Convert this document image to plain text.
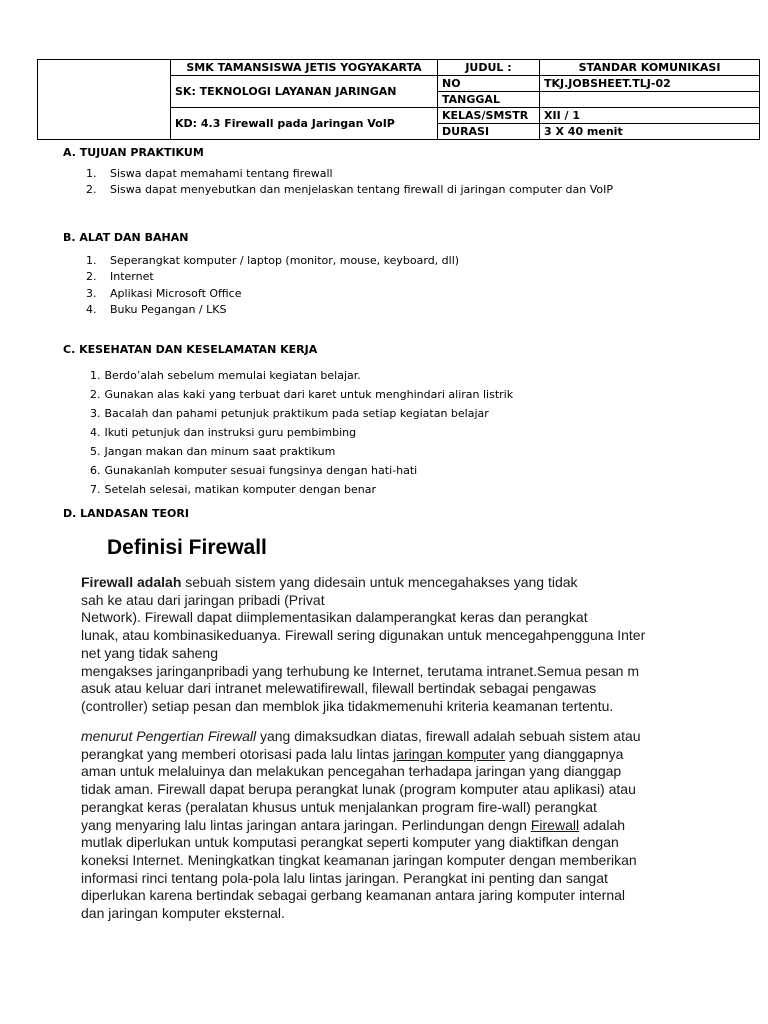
	SMK TAMANSISWA JETIS YOGYAKARTA	JUDUL :	STANDAR KOMUNIKASI
	SK: TEKNOLOGI LAYANAN JARINGAN	NO	TKJ.JOBSHEET.TLJ-02
		TANGGAL	
	KD: 4.3 Firewall pada Jaringan VoIP	KELAS/SMSTR	XII / 1
		DURASI	3 X 40 menit
A. TUJUAN PRAKTIKUM
1.	Siswa dapat memahami tentang firewall
2.	Siswa dapat menyebutkan dan menjelaskan tentang firewall di jaringan computer dan VoIP
B. ALAT DAN BAHAN
1.	Seperangkat komputer / laptop (monitor, mouse, keyboard, dll)
2.	Internet
3.	Aplikasi Microsoft Office
4.	Buku Pegangan / LKS
C. KESEHATAN DAN KESELAMATAN KERJA
1. Berdo’alah sebelum memulai kegiatan belajar.
2. Gunakan alas kaki yang terbuat dari karet untuk menghindari aliran listrik
3. Bacalah dan pahami petunjuk praktikum pada setiap kegiatan belajar
4. Ikuti petunjuk dan instruksi guru pembimbing
5. Jangan makan dan minum saat praktikum
6. Gunakanlah komputer sesuai fungsinya dengan hati-hati
7. Setelah selesai, matikan komputer dengan benar
D. LANDASAN TEORI
Definisi Firewall

Firewall adalah sebuah sistem yang didesain untuk mencegahakses yang tidak
sah ke atau dari jaringan pribadi (Privat
Network). Firewall dapat diimplementasikan dalamperangkat keras dan perangkat
lunak, atau kombinasikeduanya. Firewall sering digunakan untuk mencegahpengguna Inter
net yang tidak saheng
mengakses jaringanpribadi yang terhubung ke Internet, terutama intranet.Semua pesan m
asuk atau keluar dari intranet melewatifirewall, filewall bertindak sebagai pengawas
(controller) setiap pesan dan memblok jika tidakmemenuhi kriteria keamanan tertentu.

menurut Pengertian Firewall yang dimaksudkan diatas, firewall adalah sebuah sistem atau
perangkat yang memberi otorisasi pada lalu lintas jaringan komputer yang dianggapnya
aman untuk melaluinya dan melakukan pencegahan terhadapa jaringan yang dianggap
tidak aman. Firewall dapat berupa perangkat lunak (program komputer atau aplikasi) atau
perangkat keras (peralatan khusus untuk menjalankan program fire-wall) perangkat
yang menyaring lalu lintas jaringan antara jaringan. Perlindungan dengn Firewall adalah
mutlak diperlukan untuk komputasi perangkat seperti komputer yang diaktifkan dengan
koneksi Internet. Meningkatkan tingkat keamanan jaringan komputer dengan memberikan
informasi rinci tentang pola-pola lalu lintas jaringan. Perangkat ini penting dan sangat
diperlukan karena bertindak sebagai gerbang keamanan antara jaring komputer internal
dan jaringan komputer eksternal.
